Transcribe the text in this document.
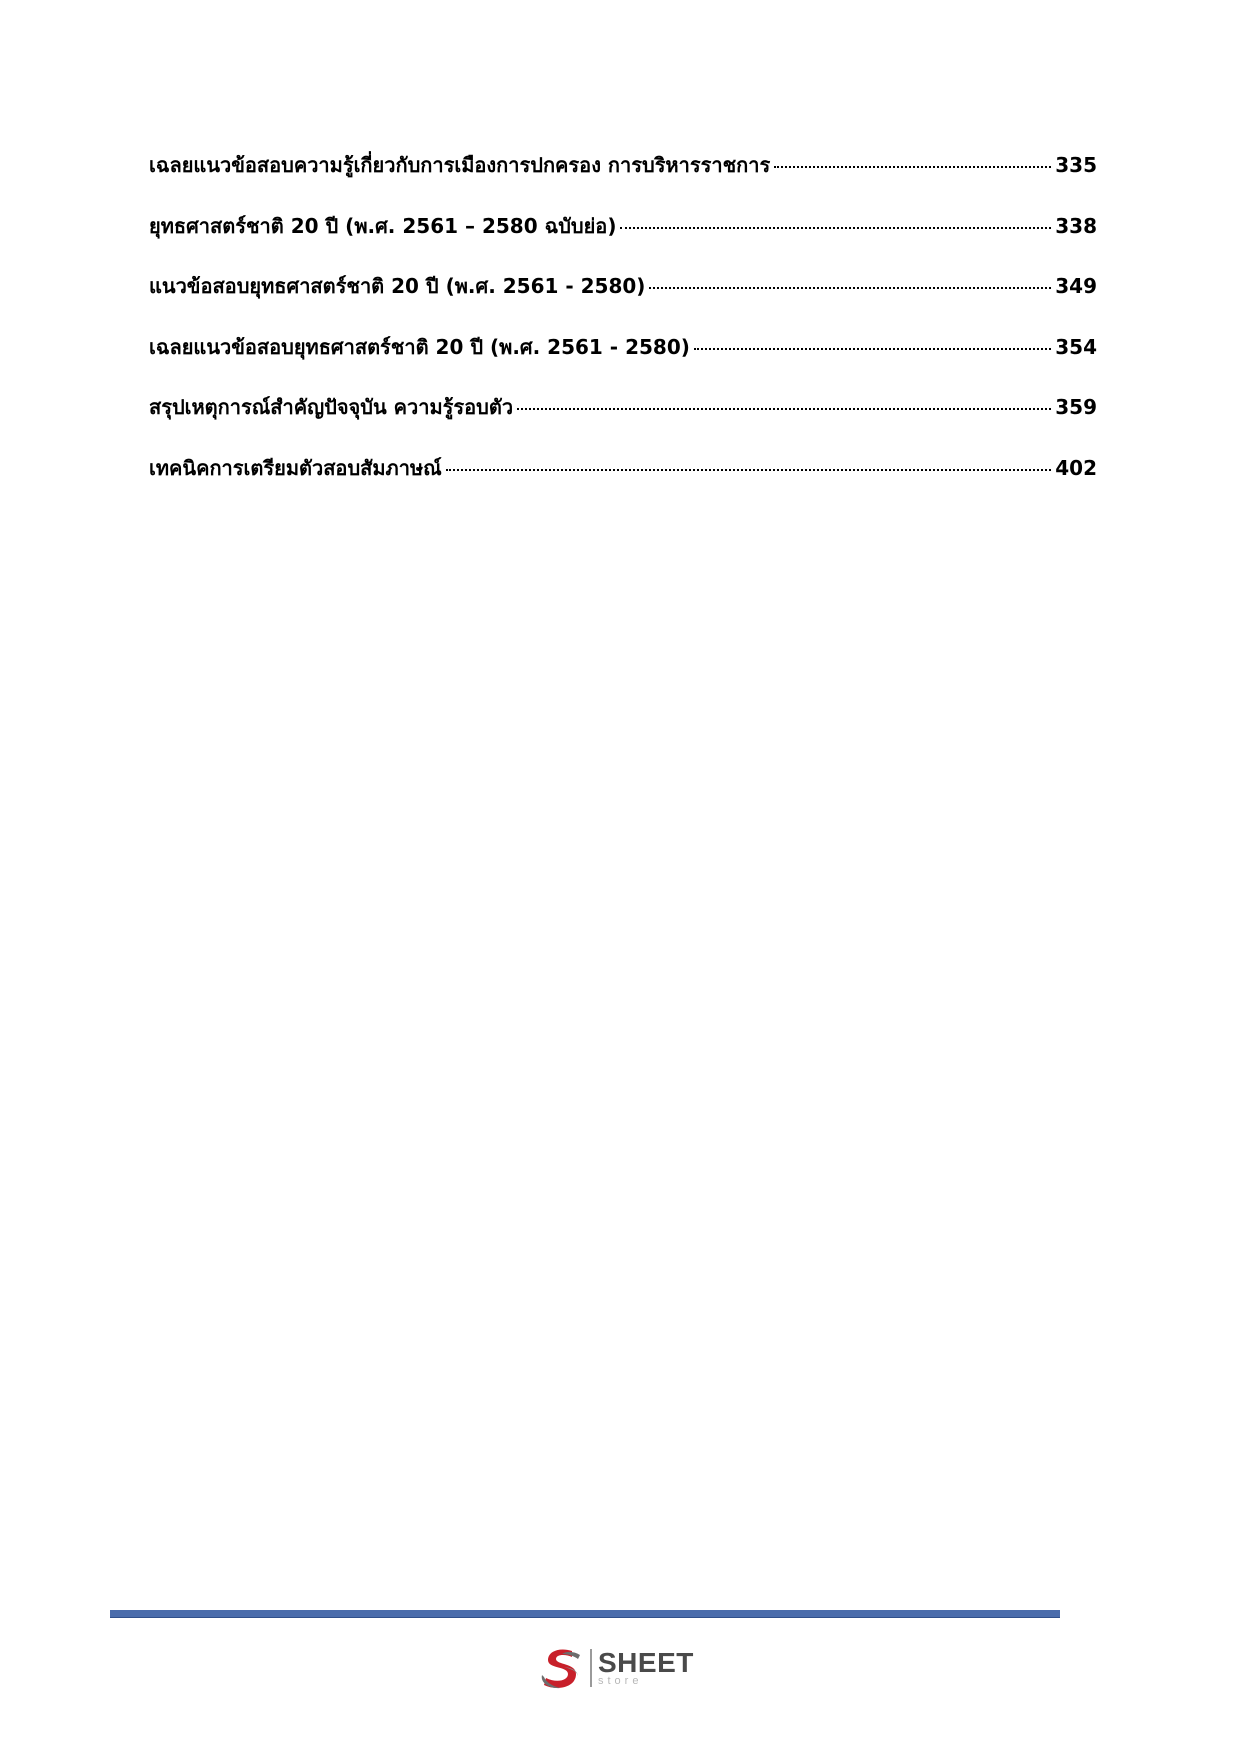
เฉลยแนวข้อสอบความรู้เกี่ยวกับการเมืองการปกครอง การบริหารราชการ	335
ยุทธศาสตร์ชาติ 20 ปี (พ.ศ. 2561 – 2580 ฉบับย่อ)	338
แนวข้อสอบยุทธศาสตร์ชาติ 20 ปี (พ.ศ. 2561 - 2580)	349
เฉลยแนวข้อสอบยุทธศาสตร์ชาติ 20 ปี (พ.ศ. 2561 - 2580)	354
สรุปเหตุการณ์สำคัญปัจจุบัน ความรู้รอบตัว	359
เทคนิคการเตรียมตัวสอบสัมภาษณ์	402
SHEET
store
